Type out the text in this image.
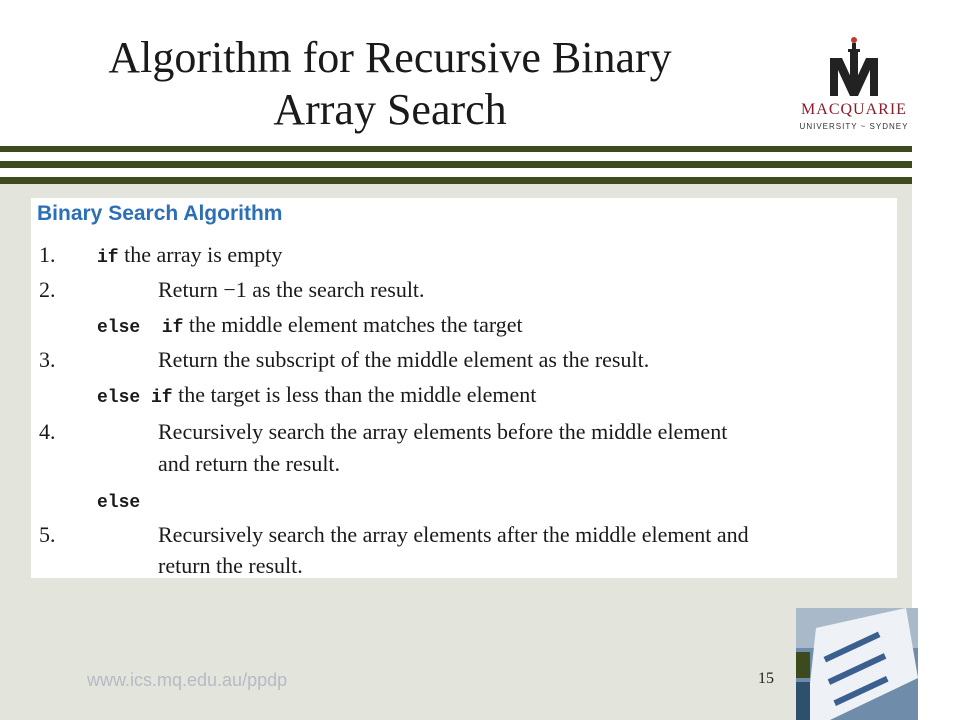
Algorithm for Recursive Binary
Array Search	MACQUARIE
UNIVERSITY ~ SYDNEY
Binary Search Algorithm
1. if the array is empty
2.	Return −1 as the search result.
else  if the middle element matches the target
3.	Return the subscript of the middle element as the result.
else if the target is less than the middle element
4.	Recursively search the array elements before the middle element
and return the result.
else
5.	Recursively search the array elements after the middle element and
return the result.
www.ics.mq.edu.au/ppdp	15
